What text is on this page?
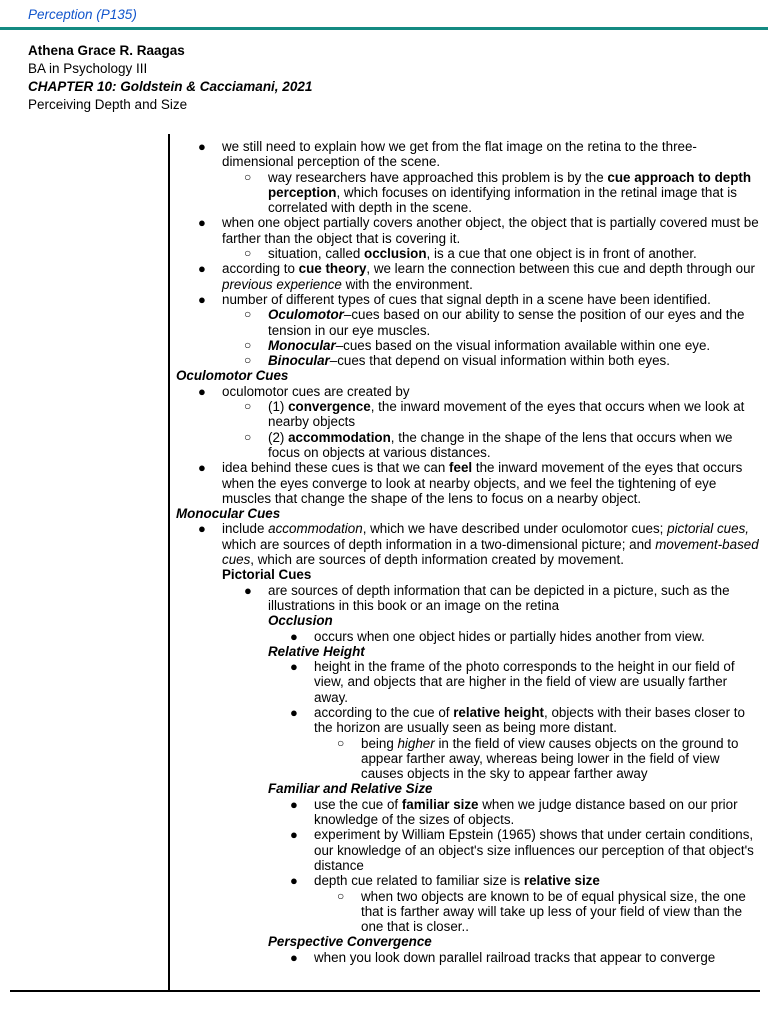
Perception (P135)
Athena Grace R. Raagas
BA in Psychology III
CHAPTER 10: Goldstein & Cacciamani, 2021
Perceiving Depth and Size
● we still need to explain how we get from the flat image on the retina to the three-dimensional perception of the scene.
○ way researchers have approached this problem is by the cue approach to depth perception, which focuses on identifying information in the retinal image that is correlated with depth in the scene.
● when one object partially covers another object, the object that is partially covered must be farther than the object that is covering it.
○ situation, called occlusion, is a cue that one object is in front of another.
● according to cue theory, we learn the connection between this cue and depth through our previous experience with the environment.
● number of different types of cues that signal depth in a scene have been identified.
○ Oculomotor–cues based on our ability to sense the position of our eyes and the tension in our eye muscles.
○ Monocular–cues based on the visual information available within one eye.
○ Binocular–cues that depend on visual information within both eyes.
Oculomotor Cues
● oculomotor cues are created by
○ (1) convergence, the inward movement of the eyes that occurs when we look at nearby objects
○ (2) accommodation, the change in the shape of the lens that occurs when we focus on objects at various distances.
● idea behind these cues is that we can feel the inward movement of the eyes that occurs when the eyes converge to look at nearby objects, and we feel the tightening of eye muscles that change the shape of the lens to focus on a nearby object.
Monocular Cues
● include accommodation, which we have described under oculomotor cues; pictorial cues, which are sources of depth information in a two-dimensional picture; and movement-based cues, which are sources of depth information created by movement.
Pictorial Cues
● are sources of depth information that can be depicted in a picture, such as the illustrations in this book or an image on the retina
Occlusion
● occurs when one object hides or partially hides another from view.
Relative Height
● height in the frame of the photo corresponds to the height in our field of view, and objects that are higher in the field of view are usually farther away.
● according to the cue of relative height, objects with their bases closer to the horizon are usually seen as being more distant.
○ being higher in the field of view causes objects on the ground to appear farther away, whereas being lower in the field of view causes objects in the sky to appear farther away
Familiar and Relative Size
● use the cue of familiar size when we judge distance based on our prior knowledge of the sizes of objects.
● experiment by William Epstein (1965) shows that under certain conditions, our knowledge of an object's size influences our perception of that object's distance
● depth cue related to familiar size is relative size
○ when two objects are known to be of equal physical size, the one that is farther away will take up less of your field of view than the one that is closer..
Perspective Convergence
● when you look down parallel railroad tracks that appear to converge
